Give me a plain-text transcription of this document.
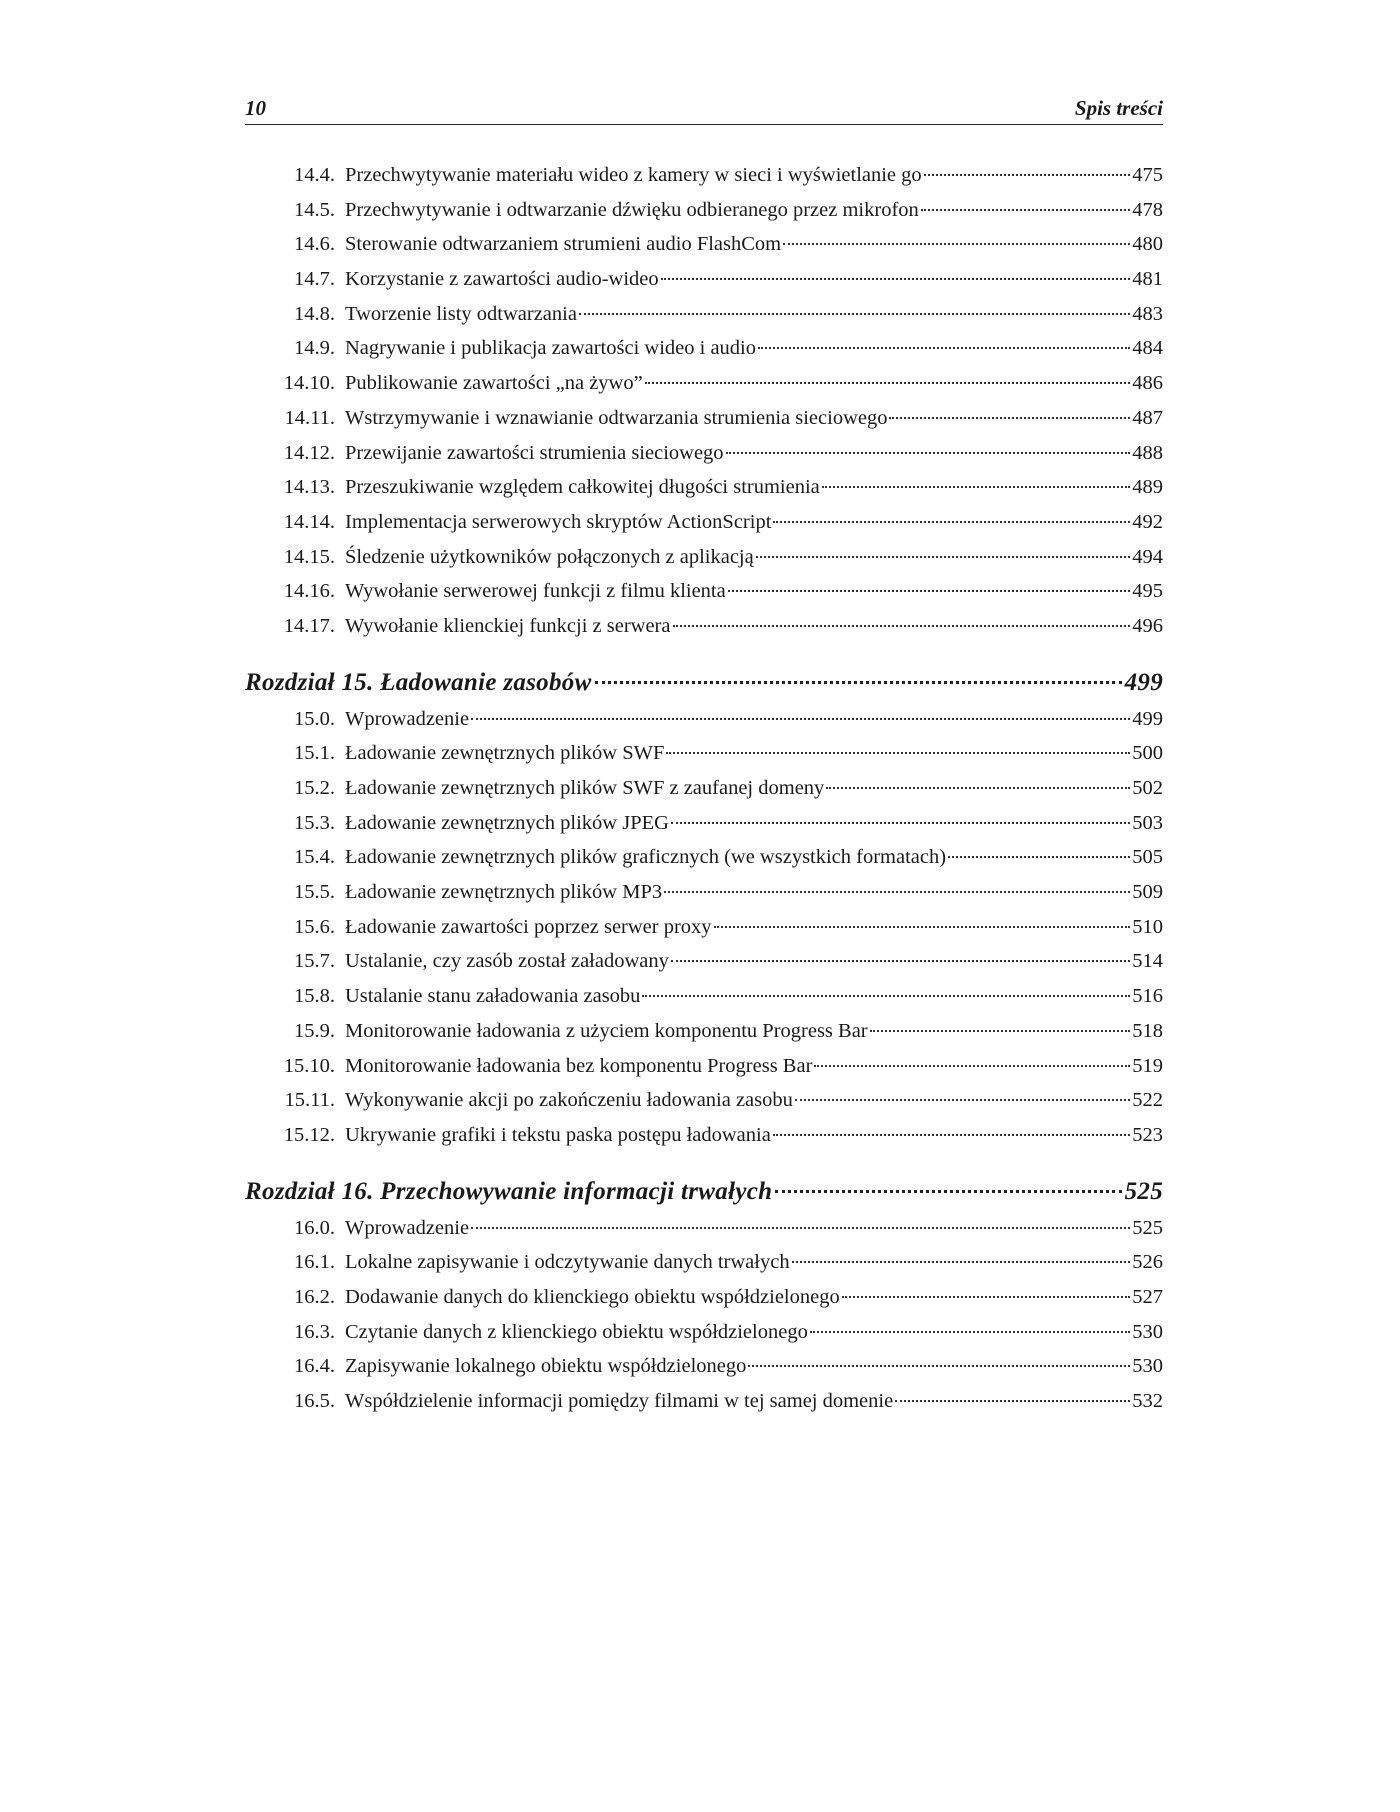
10	Spis treści
14.4. Przechwytywanie materiału wideo z kamery w sieci i wyświetlanie go	475
14.5. Przechwytywanie i odtwarzanie dźwięku odbieranego przez mikrofon	478
14.6. Sterowanie odtwarzaniem strumieni audio FlashCom	480
14.7. Korzystanie z zawartości audio-wideo	481
14.8. Tworzenie listy odtwarzania	483
14.9. Nagrywanie i publikacja zawartości wideo i audio	484
14.10. Publikowanie zawartości „na żywo”	486
14.11. Wstrzymywanie i wznawianie odtwarzania strumienia sieciowego	487
14.12. Przewijanie zawartości strumienia sieciowego	488
14.13. Przeszukiwanie względem całkowitej długości strumienia	489
14.14. Implementacja serwerowych skryptów ActionScript	492
14.15. Śledzenie użytkowników połączonych z aplikacją	494
14.16. Wywołanie serwerowej funkcji z filmu klienta	495
14.17. Wywołanie klienckiej funkcji z serwera	496
Rozdział 15. Ładowanie zasobów	499
15.0. Wprowadzenie	499
15.1. Ładowanie zewnętrznych plików SWF	500
15.2. Ładowanie zewnętrznych plików SWF z zaufanej domeny	502
15.3. Ładowanie zewnętrznych plików JPEG	503
15.4. Ładowanie zewnętrznych plików graficznych (we wszystkich formatach)	505
15.5. Ładowanie zewnętrznych plików MP3	509
15.6. Ładowanie zawartości poprzez serwer proxy	510
15.7. Ustalanie, czy zasób został załadowany	514
15.8. Ustalanie stanu załadowania zasobu	516
15.9. Monitorowanie ładowania z użyciem komponentu Progress Bar	518
15.10. Monitorowanie ładowania bez komponentu Progress Bar	519
15.11. Wykonywanie akcji po zakończeniu ładowania zasobu	522
15.12. Ukrywanie grafiki i tekstu paska postępu ładowania	523
Rozdział 16. Przechowywanie informacji trwałych	525
16.0. Wprowadzenie	525
16.1. Lokalne zapisywanie i odczytywanie danych trwałych	526
16.2. Dodawanie danych do klienckiego obiektu współdzielonego	527
16.3. Czytanie danych z klienckiego obiektu współdzielonego	530
16.4. Zapisywanie lokalnego obiektu współdzielonego	530
16.5. Współdzielenie informacji pomiędzy filmami w tej samej domenie	532
